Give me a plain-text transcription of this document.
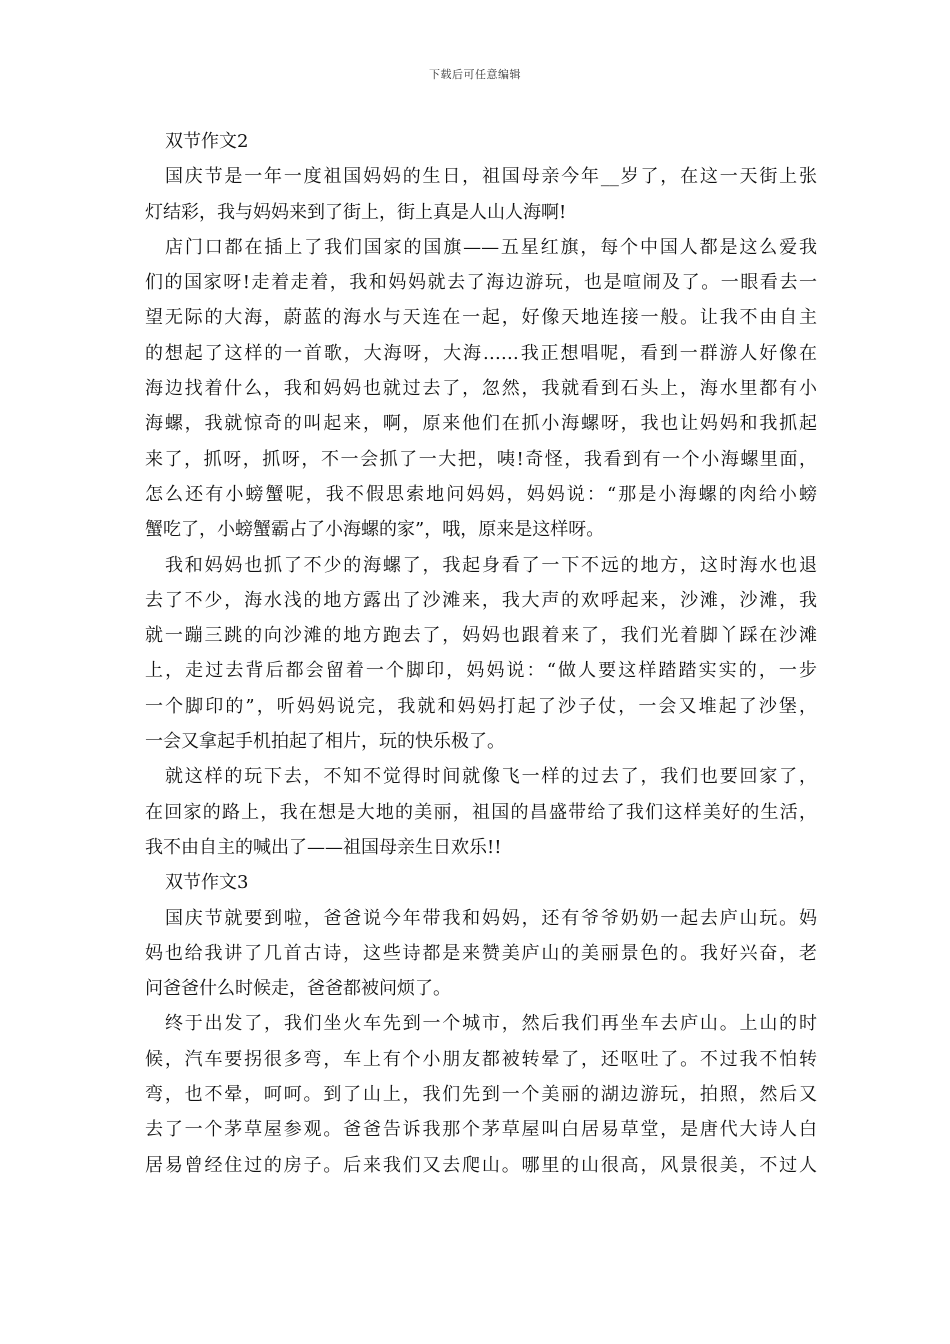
下载后可任意编辑
双节作文2
国庆节是一年一度祖国妈妈的生日，祖国母亲今年__岁了，在这一天街上张
灯结彩，我与妈妈来到了街上，街上真是人山人海啊!
店门口都在插上了我们国家的国旗——五星红旗，每个中国人都是这么爱我
们的国家呀!走着走着，我和妈妈就去了海边游玩，也是喧闹及了。一眼看去一
望无际的大海，蔚蓝的海水与天连在一起，好像天地连接一般。让我不由自主
的想起了这样的一首歌，大海呀，大海……我正想唱呢，看到一群游人好像在
海边找着什么，我和妈妈也就过去了，忽然，我就看到石头上，海水里都有小
海螺，我就惊奇的叫起来，啊，原来他们在抓小海螺呀，我也让妈妈和我抓起
来了，抓呀，抓呀，不一会抓了一大把，咦!奇怪，我看到有一个小海螺里面，
怎么还有小螃蟹呢，我不假思索地问妈妈，妈妈说：“那是小海螺的肉给小螃
蟹吃了，小螃蟹霸占了小海螺的家”，哦，原来是这样呀。
我和妈妈也抓了不少的海螺了，我起身看了一下不远的地方，这时海水也退
去了不少，海水浅的地方露出了沙滩来，我大声的欢呼起来，沙滩，沙滩，我
就一蹦三跳的向沙滩的地方跑去了，妈妈也跟着来了，我们光着脚丫踩在沙滩
上，走过去背后都会留着一个脚印，妈妈说：“做人要这样踏踏实实的，一步
一个脚印的”，听妈妈说完，我就和妈妈打起了沙子仗，一会又堆起了沙堡，
一会又拿起手机拍起了相片，玩的快乐极了。
就这样的玩下去，不知不觉得时间就像飞一样的过去了，我们也要回家了，
在回家的路上，我在想是大地的美丽，祖国的昌盛带给了我们这样美好的生活，
我不由自主的喊出了——祖国母亲生日欢乐!!
双节作文3
国庆节就要到啦，爸爸说今年带我和妈妈，还有爷爷奶奶一起去庐山玩。妈
妈也给我讲了几首古诗，这些诗都是来赞美庐山的美丽景色的。我好兴奋，老
问爸爸什么时候走，爸爸都被问烦了。
终于出发了，我们坐火车先到一个城市，然后我们再坐车去庐山。上山的时
候，汽车要拐很多弯，车上有个小朋友都被转晕了，还呕吐了。不过我不怕转
弯，也不晕，呵呵。到了山上，我们先到一个美丽的湖边游玩，拍照，然后又
去了一个茅草屋参观。爸爸告诉我那个茅草屋叫白居易草堂，是唐代大诗人白
居易曾经住过的房子。后来我们又去爬山。哪里的山很高，风景很美，不过人
